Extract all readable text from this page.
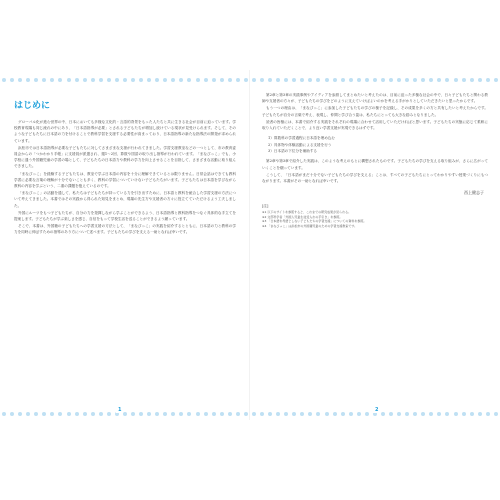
はじめに

グローバル化が進む世界の中、日本においても多様な文化的・言語的背景をもった人たちと共に生きる社会が目前に迫っています。学校教育現場も同じ流れの中にあり、「日本語指導が必要」とされる子どもたちが増加し続けている現状が見受けられます。そして、そのような子どもたちに日本語の力を付けることで教科学習を支援する必要性が高まっており、日本語指導の新たな指導法の開発が求められています。

浜松市では日本語指導が必要な子どもたちに対してさまざまな支援が行われてきました。学習支援教室などの一つとして、市の教育委員会からの「つかわかり手帳」に支援員が派遣され、週1〜2回、算数や国語の取り出し指導が行われています。「まなびっこ」でも、小学校に通う外国籍児童の学習の場として、子どもたちの日本語力や教科の学力を向上させることを目指して、さまざまな活動に取り組んできました。

「まなびっこ」を経験する子どもたちは、教室で学ぶ日本語の内容を十分に理解できているとは限りません。日常会話はできても教科学習に必要な言葉の理解が十分でないことも多く、教科の学習についていけない子どもたちがいます。子どもたちは日本語を学びながら教科の内容を学ぶという、二重の課題を抱えているのです。

「まなびっこ」の活動を通して、私たちは子どもたちが持っている力を引き出すために、日本語と教科を統合した学習支援の方法について考えてきました。本書ではその実践から得られた知見をまとめ、現場の先生方や支援者の方々に役立てていただけるよう工夫しました。

外国にルーツをもつ子どもたちが、自分の力を発揮しながら学ぶことができるよう、日本語指導と教科指導をつなぐ具体的な手立てを提案します。子どもたちが学ぶ楽しさを感じ、自信をもって学校生活を送ることができるよう願っています。

そこで、本書は、外国籍の子どもたちへの学習支援の方法として、「まなびっこ」の実践を紹介するとともに、日本語の力と教科の学力を同時に伸ばすための指導のあり方について述べます。子どもたちの学びを支える一助となれば幸いです。

第2章と第3章の実践事例やアイディアを参照してまとめたいと考えたのは、目前に迫った多様な社会の中で、日々子どもたちと関わる教師や支援者の方々が、子どもたちの学びをどのように支えていけばよいのかを考える手がかりとしていただきたいと思ったからです。

もう一つの理由は、「まなびっこ」に参加した子どもたちの学びの様子を記録し、その成果を多くの方と共有したいと考えたからです。子どもたちが自分の言葉で考え、表現し、仲間と学び合う姿は、私たちにとっても大きな励みとなりました。

読者の皆様には、本書で紹介する実践をそれぞれの現場に合わせて活用していただければと思います。子どもたちの実態に応じて柔軟に取り入れていただくことで、より良い学習支援が実現できるはずです。

1）算数科の学習過程に日本語を埋め込む
2）具体物や体験活動による支援を行う
3）日本語の下位分を補助する

第2章や第3章で紹介した実践は、このような考えのもとに構想されたものです。子どもたちの学びを支える取り組みが、さらに広がっていくことを願っています。

こうして、「日本語がまだ十分でない子どもたちの学びを支える」ことは、すべての子どもたちにとってわかりやすい授業づくりにもつながります。本書がその一助となれば幸いです。

西上健志子
[注]

※1 以下のサイトを参照すると、これまでの研究成果が見られる。

※2 文部科学省「外国人児童生徒受入れの手引き」を参照。

※3 「日本語を母語としない子どもたちの学習支援」についての資料を参照。

※4 「まなびっこ」は浜松市の外国籍児童のための学習支援教室です。

1	2
